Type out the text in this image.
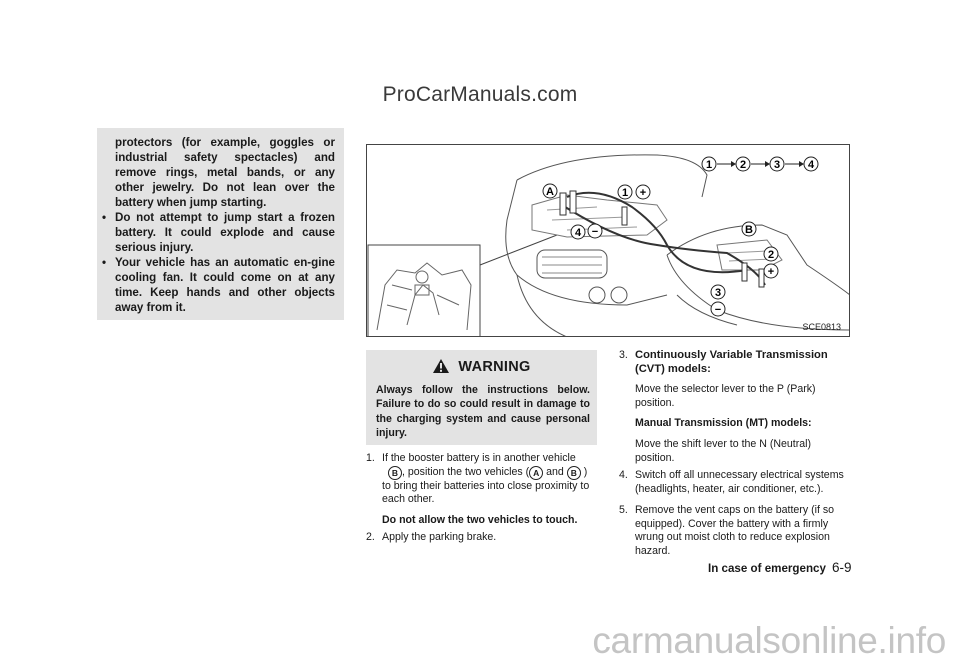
ProCarManuals.com
protectors (for example, goggles or industrial safety spectacles) and remove rings, metal bands, or any other jewelry. Do not lean over the battery when jump starting.
• Do not attempt to jump start a frozen battery. It could explode and cause serious injury.
• Your vehicle has an automatic en-gine cooling fan. It could come on at any time. Keep hands and other objects away from it.
1	2	3	4
A	1 +
4 −	B
2
+
3
−
SCE0813
WARNING
Always follow the instructions below. Failure to do so could result in damage to the charging system and cause personal injury.
1. If the booster battery is in another vehicle
B , position the two vehicles ( A and B )
to bring their batteries into close proximity to
each other.
Do not allow the two vehicles to touch.
2. Apply the parking brake.
3. Continuously Variable Transmission
(CVT) models:
Move the selector lever to the P (Park)
position.
Manual Transmission (MT) models:
Move the shift lever to the N (Neutral)
position.
4. Switch off all unnecessary electrical systems
(headlights, heater, air conditioner, etc.).
5. Remove the vent caps on the battery (if so
equipped). Cover the battery with a firmly
wrung out moist cloth to reduce explosion
hazard.
In case of emergency 6-9
carmanualsonline.info
